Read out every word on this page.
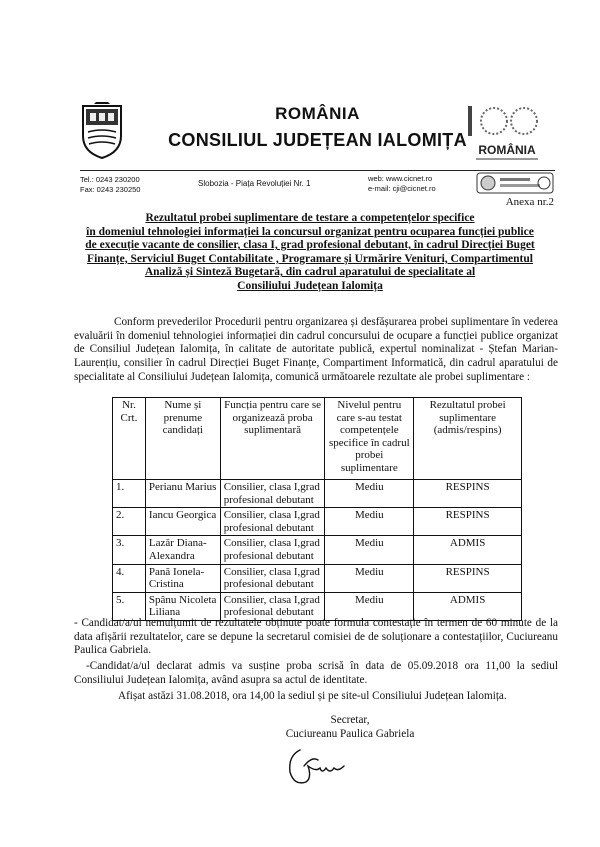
ROMÂNIA
CONSILIUL JUDEȚEAN IALOMIȚA ROMÂNIA
Tel.: 0243 230200
Fax: 0243 230250
Slobozia - Piața Revoluției Nr. 1
web: www.cicnet.ro
e-mail: cji@cicnet.ro
Anexa nr.2
Rezultatul probei suplimentare de testare a competențelor specifice
în domeniul tehnologiei informației la concursul organizat pentru ocuparea funcției publice
de execuție vacante de consilier, clasa I, grad profesional debutant, în cadrul Direcției Buget
Finanțe, Serviciul Buget Contabilitate , Programare și Urmărire Venituri, Compartimentul
Analiză și Sinteză Bugetară, din cadrul aparatului de specialitate al
Consiliului Județean Ialomița
Conform prevederilor Procedurii pentru organizarea și desfășurarea probei suplimentare în vederea evaluării în domeniul tehnologiei informației din cadrul concursului de ocupare a funcției publice organizat de Consiliul Județean Ialomița, în calitate de autoritate publică, expertul nominalizat - Ștefan Marian-Laurențiu, consilier în cadrul Direcției Buget Finanțe, Compartiment Informatică, din cadrul aparatului de specialitate al Consiliului Județean Ialomița, comunică următoarele rezultate ale probei suplimentare :
Nr. Crt.	Nume și prenume candidați	Funcția pentru care se organizează proba suplimentară	Nivelul pentru care s-au testat competențele specifice în cadrul probei suplimentare	Rezultatul probei suplimentare (admis/respins)
1.	Perianu Marius	Consilier, clasa I,grad profesional debutant	Mediu	RESPINS
2.	Iancu Georgica	Consilier, clasa I,grad profesional debutant	Mediu	RESPINS
3.	Lazăr Diana-Alexandra	Consilier, clasa I,grad profesional debutant	Mediu	ADMIS
4.	Pană Ionela-Cristina	Consilier, clasa I,grad profesional debutant	Mediu	RESPINS
5.	Spânu Nicoleta Liliana	Consilier, clasa I,grad profesional debutant	Mediu	ADMIS

- Candidat/a/ul nemulțumit de rezultatele obținute poate formula contestație în termen de 60 minute de la data afișării rezultatelor, care se depune la secretarul comisiei de de soluționare a contestațiilor, Cuciureanu Paulica Gabriela.

-Candidat/a/ul declarat admis va susține proba scrisă în data de 05.09.2018 ora 11,00 la sediul Consiliului Județean Ialomița, având asupra sa actul de identitate.

Afișat astăzi 31.08.2018, ora 14,00 la sediul și pe site-ul Consiliului Județean Ialomița.

Secretar,
Cuciureanu Paulica Gabriela
